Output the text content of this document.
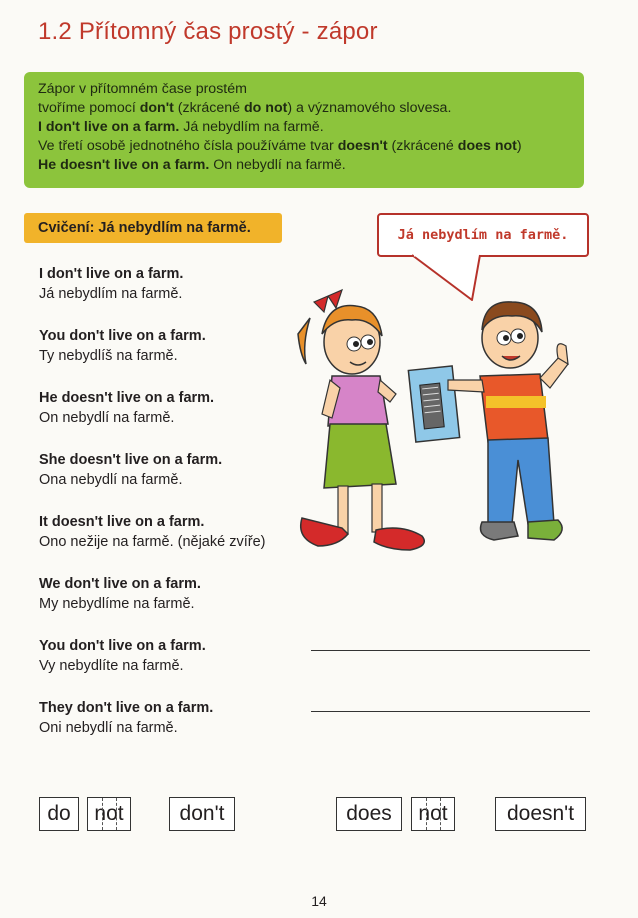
1.2 Přítomný čas prostý - zápor
Zápor v přítomném čase prostém
tvoříme pomocí don't (zkrácené do not) a významového slovesa.
I don't live on a farm. Já nebydlím na farmě.
Ve třetí osobě jednotného čísla používáme tvar doesn't (zkrácené does not)
He doesn't live on a farm. On nebydlí na farmě.
Cvičení: Já nebydlím na farmě.	Já nebydlím na farmě.
I don't live on a farm.
Já nebydlím na farmě.
You don't live on a farm.
Ty nebydlíš na farmě.
He doesn't live on a farm.
On nebydlí na farmě.
She doesn't live on a farm.
Ona nebydlí na farmě.
It doesn't live on a farm.
Ono nežije na farmě. (nějaké zvíře)
We don't live on a farm.
My nebydlíme na farmě.
You don't live on a farm.
Vy nebydlíte na farmě.
They don't live on a farm.
Oni nebydlí na farmě.
do	not	don't	does	not	doesn't
14
